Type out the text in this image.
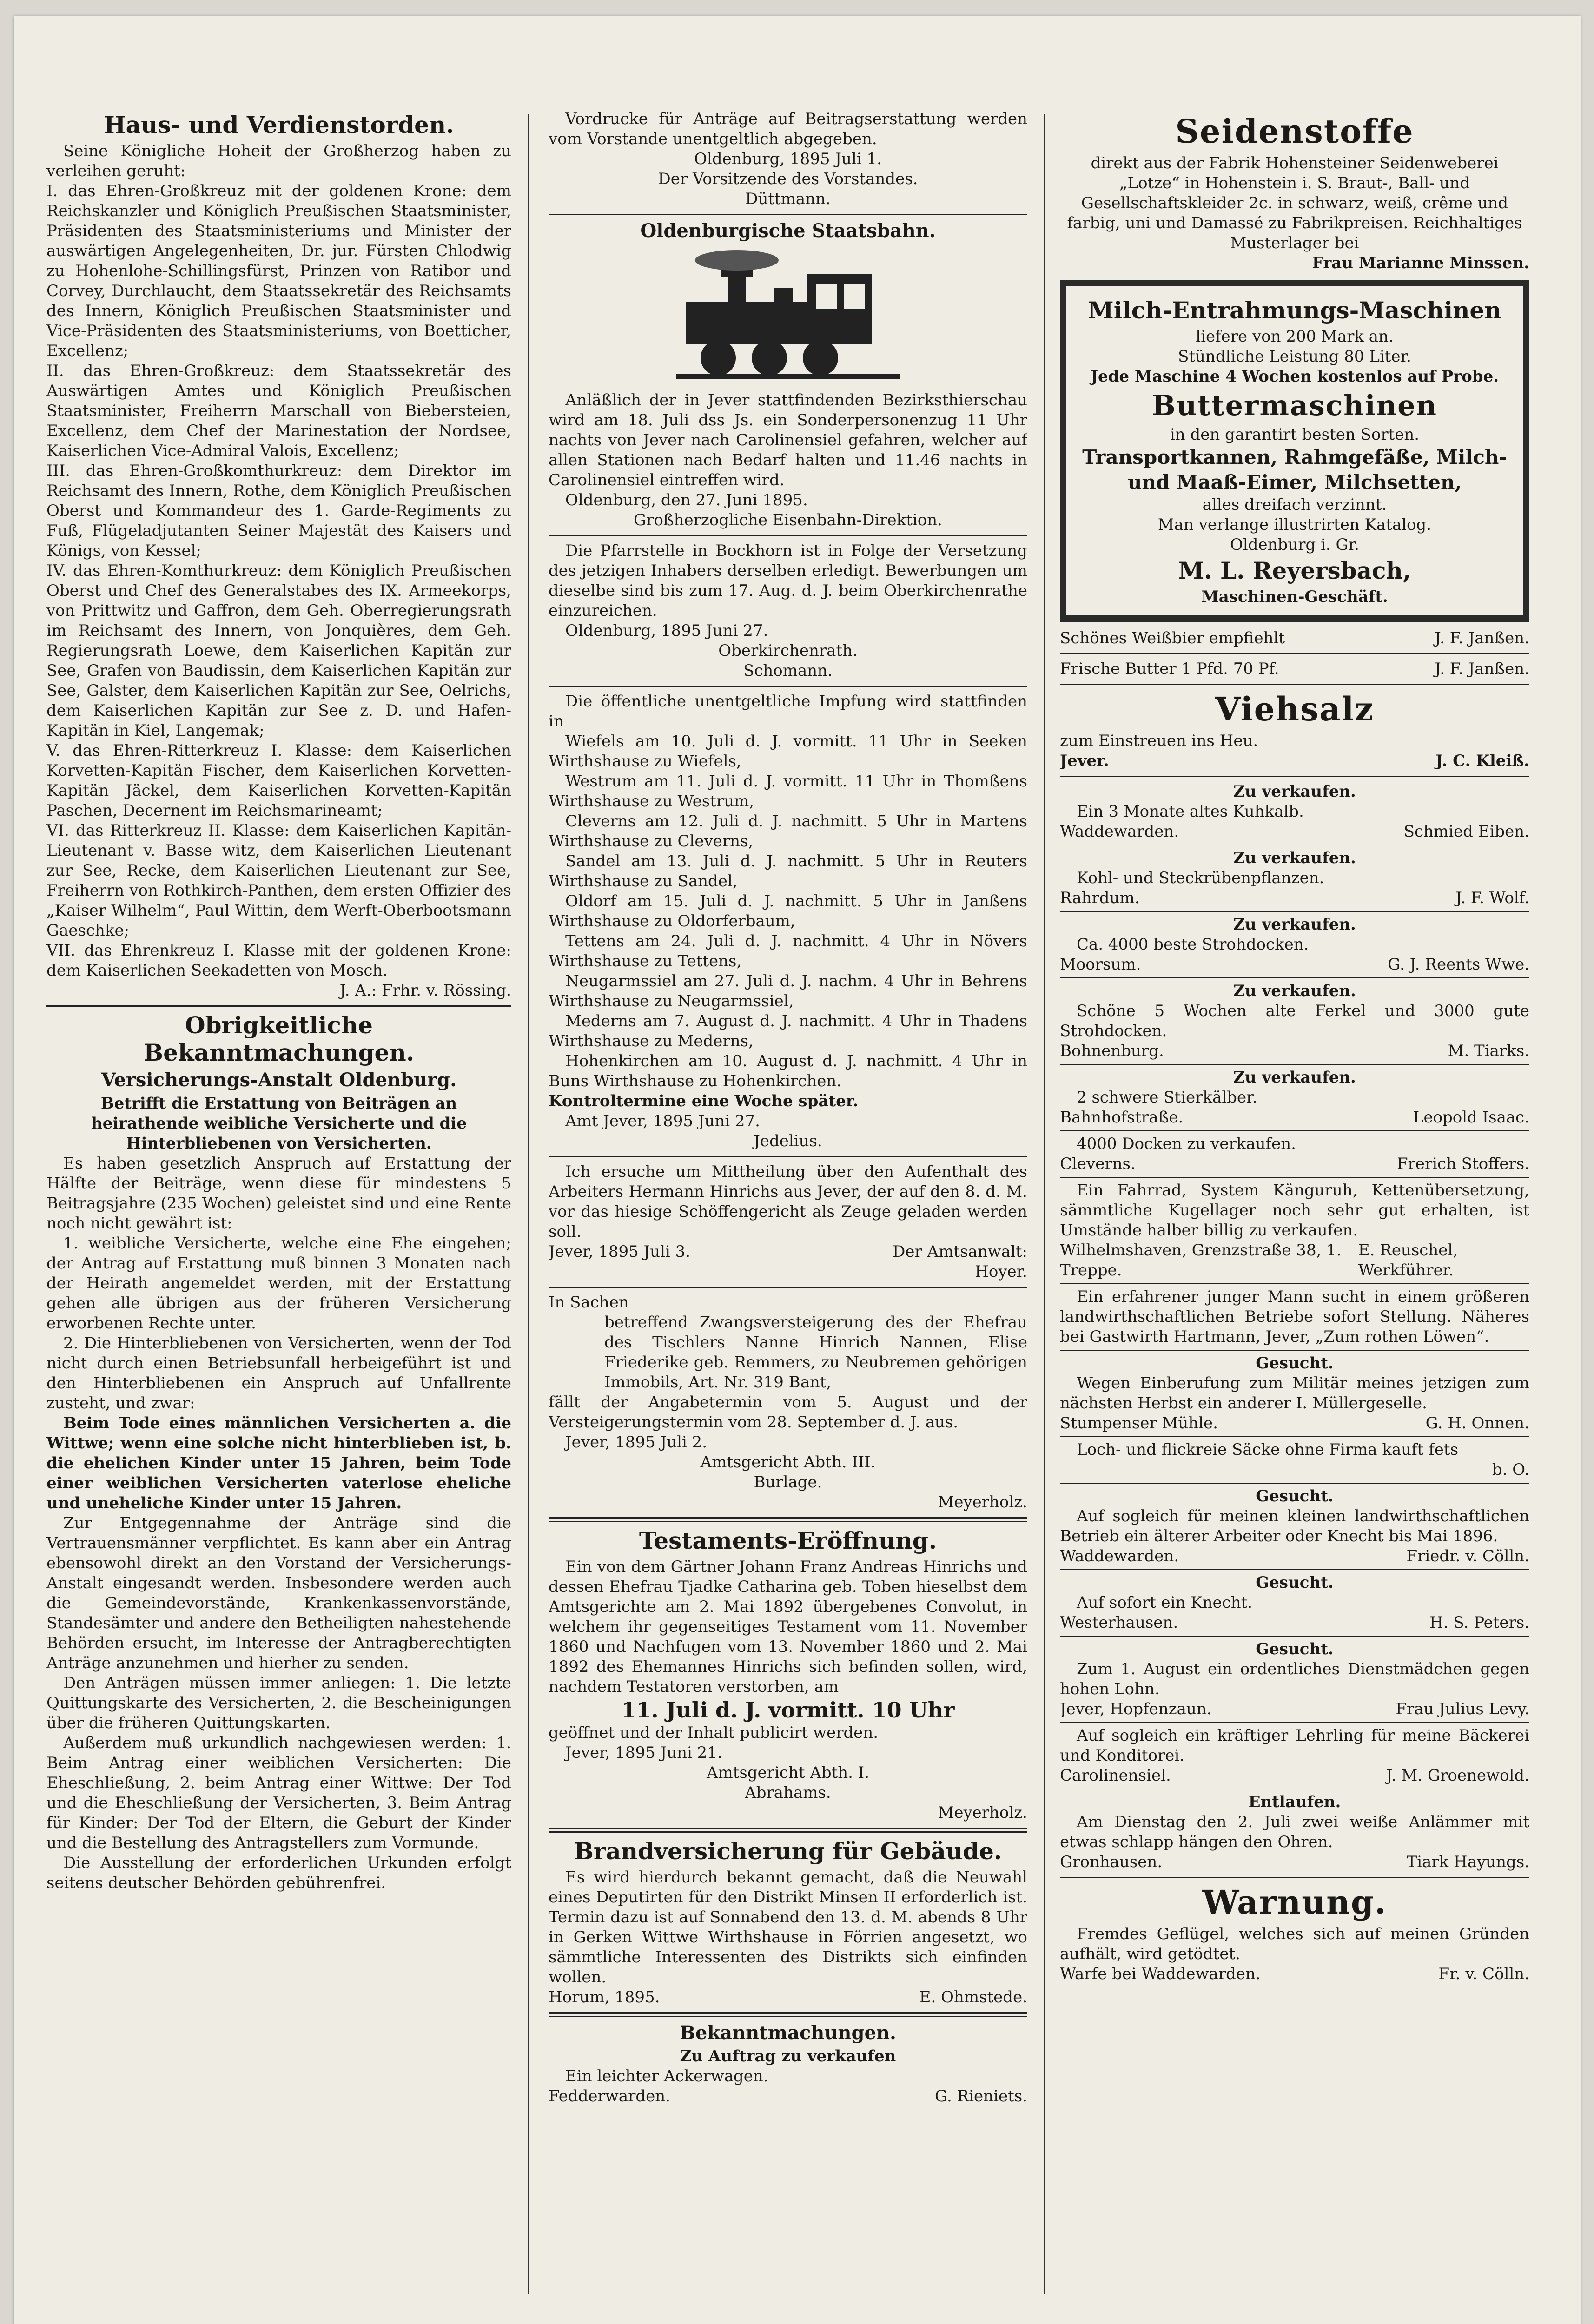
Haus- und Verdienstorden.

Seine Königliche Hoheit der Großherzog haben zu verleihen geruht:

I. das Ehren-Großkreuz mit der goldenen Krone: dem Reichskanzler und Königlich Preußischen Staatsminister, Präsidenten des Staatsministeriums und Minister der auswärtigen Angelegenheiten, Dr. jur. Fürsten Chlodwig zu Hohenlohe-Schillingsfürst, Prinzen von Ratibor und Corvey, Durchlaucht, dem Staatssekretär des Reichsamts des Innern, Königlich Preußischen Staatsminister und Vice-Präsidenten des Staatsministeriums, von Boetticher, Excellenz;

II. das Ehren-Großkreuz: dem Staatssekretär des Auswärtigen Amtes und Königlich Preußischen Staatsminister, Freiherrn Marschall von Biebersteien, Excellenz, dem Chef der Marinestation der Nordsee, Kaiserlichen Vice-Admiral Valois, Excellenz;

III. das Ehren-Großkomthurkreuz: dem Direktor im Reichsamt des Innern, Rothe, dem Königlich Preußischen Oberst und Kommandeur des 1. Garde-Regiments zu Fuß, Flügeladjutanten Seiner Majestät des Kaisers und Königs, von Kessel;

IV. das Ehren-Komthurkreuz: dem Königlich Preußischen Oberst und Chef des Generalstabes des IX. Armeekorps, von Prittwitz und Gaffron, dem Geh. Oberregierungsrath im Reichsamt des Innern, von Jonquières, dem Geh. Regierungsrath Loewe, dem Kaiserlichen Kapitän zur See, Grafen von Baudissin, dem Kaiserlichen Kapitän zur See, Galster, dem Kaiserlichen Kapitän zur See, Oelrichs, dem Kaiserlichen Kapitän zur See z. D. und Hafen-Kapitän in Kiel, Langemak;

V. das Ehren-Ritterkreuz I. Klasse: dem Kaiserlichen Korvetten-Kapitän Fischer, dem Kaiserlichen Korvetten-Kapitän Jäckel, dem Kaiserlichen Korvetten-Kapitän Paschen, Decernent im Reichsmarineamt;

VI. das Ritterkreuz II. Klasse: dem Kaiserlichen Kapitän-Lieutenant v. Basse witz, dem Kaiserlichen Lieutenant zur See, Recke, dem Kaiserlichen Lieutenant zur See, Freiherrn von Rothkirch-Panthen, dem ersten Offizier des „Kaiser Wilhelm“, Paul Wittin, dem Werft-Oberbootsmann Gaeschke;

VII. das Ehrenkreuz I. Klasse mit der goldenen Krone: dem Kaiserlichen Seekadetten von Mosch.

J. A.: Frhr. v. Rössing.

Obrigkeitliche Bekanntmachungen.
Versicherungs-Anstalt Oldenburg.

Betrifft die Erstattung von Beiträgen an heirathende weibliche Versicherte und die Hinterbliebenen von Versicherten.

Es haben gesetzlich Anspruch auf Erstattung der Hälfte der Beiträge, wenn diese für mindestens 5 Beitragsjahre (235 Wochen) geleistet sind und eine Rente noch nicht gewährt ist:

1. weibliche Versicherte, welche eine Ehe eingehen; der Antrag auf Erstattung muß binnen 3 Monaten nach der Heirath angemeldet werden, mit der Erstattung gehen alle übrigen aus der früheren Versicherung erworbenen Rechte unter.

2. Die Hinterbliebenen von Versicherten, wenn der Tod nicht durch einen Betriebsunfall herbeigeführt ist und den Hinterbliebenen ein Anspruch auf Unfallrente zusteht, und zwar:

Beim Tode eines männlichen Versicherten a. die Wittwe; wenn eine solche nicht hinterblieben ist, b. die ehelichen Kinder unter 15 Jahren, beim Tode einer weiblichen Versicherten vaterlose eheliche und uneheliche Kinder unter 15 Jahren.

Zur Entgegennahme der Anträge sind die Vertrauensmänner verpflichtet. Es kann aber ein Antrag ebensowohl direkt an den Vorstand der Versicherungs-Anstalt eingesandt werden. Insbesondere werden auch die Gemeindevorstände, Krankenkassenvorstände, Standesämter und andere den Betheiligten nahestehende Behörden ersucht, im Interesse der Antragberechtigten Anträge anzunehmen und hierher zu senden.

Den Anträgen müssen immer anliegen: 1. Die letzte Quittungskarte des Versicherten, 2. die Bescheinigungen über die früheren Quittungskarten.

Außerdem muß urkundlich nachgewiesen werden: 1. Beim Antrag einer weiblichen Versicherten: Die Eheschließung, 2. beim Antrag einer Wittwe: Der Tod und die Eheschließung der Versicherten, 3. Beim Antrag für Kinder: Der Tod der Eltern, die Geburt der Kinder und die Bestellung des Antragstellers zum Vormunde.

Die Ausstellung der erforderlichen Urkunden erfolgt seitens deutscher Behörden gebührenfrei.

Vordrucke für Anträge auf Beitragserstattung werden vom Vorstande unentgeltlich abgegeben.

Oldenburg, 1895 Juli 1.

Der Vorsitzende des Vorstandes.

Düttmann.

Oldenburgische Staatsbahn.

Anläßlich der in Jever stattfindenden Bezirksthierschau wird am 18. Juli dss Js. ein Sonderpersonenzug 11 Uhr nachts von Jever nach Carolinensiel gefahren, welcher auf allen Stationen nach Bedarf halten und 11.46 nachts in Carolinensiel eintreffen wird.

Oldenburg, den 27. Juni 1895.

Großherzogliche Eisenbahn-Direktion.

Die Pfarrstelle in Bockhorn ist in Folge der Versetzung des jetzigen Inhabers derselben erledigt. Bewerbungen um dieselbe sind bis zum 17. Aug. d. J. beim Oberkirchenrathe einzureichen.

Oldenburg, 1895 Juni 27.

Oberkirchenrath.

Schomann.

Die öffentliche unentgeltliche Impfung wird stattfinden in

Wiefels am 10. Juli d. J. vormitt. 11 Uhr in Seeken Wirthshause zu Wiefels,

Westrum am 11. Juli d. J. vormitt. 11 Uhr in Thomßens Wirthshause zu Westrum,

Cleverns am 12. Juli d. J. nachmitt. 5 Uhr in Martens Wirthshause zu Cleverns,

Sandel am 13. Juli d. J. nachmitt. 5 Uhr in Reuters Wirthshause zu Sandel,

Oldorf am 15. Juli d. J. nachmitt. 5 Uhr in Janßens Wirthshause zu Oldorferbaum,

Tettens am 24. Juli d. J. nachmitt. 4 Uhr in Növers Wirthshause zu Tettens,

Neugarmssiel am 27. Juli d. J. nachm. 4 Uhr in Behrens Wirthshause zu Neugarmssiel,

Mederns am 7. August d. J. nachmitt. 4 Uhr in Thadens Wirthshause zu Mederns,

Hohenkirchen am 10. August d. J. nachmitt. 4 Uhr in Buns Wirthshause zu Hohenkirchen.

Kontroltermine eine Woche später.

Amt Jever, 1895 Juni 27.

Jedelius.

Ich ersuche um Mittheilung über den Aufenthalt des Arbeiters Hermann Hinrichs aus Jever, der auf den 8. d. M. vor das hiesige Schöffengericht als Zeuge geladen werden soll.

Jever, 1895 Juli 3.	Der Amtsanwalt:

Hoyer.

In Sachen

betreffend Zwangsversteigerung des der Ehefrau des Tischlers Nanne Hinrich Nannen, Elise Friederike geb. Remmers, zu Neubremen gehörigen Immobils, Art. Nr. 319 Bant,

fällt der Angabetermin vom 5. August und der Versteigerungstermin vom 28. September d. J. aus.

Jever, 1895 Juli 2.

Amtsgericht Abth. III.

Burlage.

Meyerholz.

Testaments-Eröffnung.

Ein von dem Gärtner Johann Franz Andreas Hinrichs und dessen Ehefrau Tjadke Catharina geb. Toben hieselbst dem Amtsgerichte am 2. Mai 1892 übergebenes Convolut, in welchem ihr gegenseitiges Testament vom 11. November 1860 und Nachfugen vom 13. November 1860 und 2. Mai 1892 des Ehemannes Hinrichs sich befinden sollen, wird, nachdem Testatoren verstorben, am

11. Juli d. J. vormitt. 10 Uhr

geöffnet und der Inhalt publicirt werden.

Jever, 1895 Juni 21.

Amtsgericht Abth. I.

Abrahams.

Meyerholz.

Brandversicherung für Gebäude.

Es wird hierdurch bekannt gemacht, daß die Neuwahl eines Deputirten für den Distrikt Minsen II erforderlich ist. Termin dazu ist auf Sonnabend den 13. d. M. abends 8 Uhr in Gerken Wittwe Wirthshause in Förrien angesetzt, wo sämmtliche Interessenten des Distrikts sich einfinden wollen.

Horum, 1895.	E. Ohmstede.
Bekanntmachungen.

Zu Auftrag zu verkaufen

Ein leichter Ackerwagen.

Fedderwarden.	G. Rieniets.
Seidenstoffe

direkt aus der Fabrik Hohensteiner Seidenweberei „Lotze“ in Hohenstein i. S. Braut-, Ball- und Gesellschaftskleider 2c. in schwarz, weiß, crême und farbig, uni und Damassé zu Fabrikpreisen. Reichhaltiges Musterlager bei

Frau Marianne Minssen.

Milch-Entrahmungs-Maschinen

liefere von 200 Mark an.

Stündliche Leistung 80 Liter.

Jede Maschine 4 Wochen kostenlos auf Probe.

Buttermaschinen

in den garantirt besten Sorten.

Transportkannen, Rahmgefäße, Milch- und Maaß-Eimer, Milchsetten,

alles dreifach verzinnt.

Man verlange illustrirten Katalog.

Oldenburg i. Gr.

M. L. Reyersbach,

Maschinen-Geschäft.

Schönes Weißbier empfiehlt	J. F. Janßen.
Frische Butter 1 Pfd. 70 Pf.	J. F. Janßen.
Viehsalz

zum Einstreuen ins Heu.

Jever.	J. C. Kleiß.

Zu verkaufen.

Ein 3 Monate altes Kuhkalb.

Waddewarden.	Schmied Eiben.

Zu verkaufen.

Kohl- und Steckrübenpflanzen.

Rahrdum.	J. F. Wolf.

Zu verkaufen.

Ca. 4000 beste Strohdocken.

Moorsum.	G. J. Reents Wwe.

Zu verkaufen.

Schöne 5 Wochen alte Ferkel und 3000 gute Strohdocken.

Bohnenburg.	M. Tiarks.

Zu verkaufen.

2 schwere Stierkälber.

Bahnhofstraße.	Leopold Isaac.

4000 Docken zu verkaufen.

Cleverns.	Frerich Stoffers.

Ein Fahrrad, System Känguruh, Kettenübersetzung, sämmtliche Kugellager noch sehr gut erhalten, ist Umstände halber billig zu verkaufen.

Wilhelmshaven, Grenzstraße 38, 1. Treppe.
E. Reuschel, Werkführer.

Ein erfahrener junger Mann sucht in einem größeren landwirthschaftlichen Betriebe sofort Stellung. Näheres bei Gastwirth Hartmann, Jever, „Zum rothen Löwen“.

Gesucht.

Wegen Einberufung zum Militär meines jetzigen zum nächsten Herbst ein anderer I. Müllergeselle.

Stumpenser Mühle.	G. H. Onnen.

Loch- und flickreie Säcke ohne Firma kauft fets

b. O.

Gesucht.

Auf sogleich für meinen kleinen landwirthschaftlichen Betrieb ein älterer Arbeiter oder Knecht bis Mai 1896.

Waddewarden.	Friedr. v. Cölln.

Gesucht.

Auf sofort ein Knecht.

Westerhausen.	H. S. Peters.

Gesucht.

Zum 1. August ein ordentliches Dienstmädchen gegen hohen Lohn.

Jever, Hopfenzaun.	Frau Julius Levy.

Auf sogleich ein kräftiger Lehrling für meine Bäckerei und Konditorei.

Carolinensiel.	J. M. Groenewold.

Entlaufen.

Am Dienstag den 2. Juli zwei weiße Anlämmer mit etwas schlapp hängen den Ohren.

Gronhausen.	Tiark Hayungs.
Warnung.

Fremdes Geflügel, welches sich auf meinen Gründen aufhält, wird getödtet.

Warfe bei Waddewarden.	Fr. v. Cölln.
